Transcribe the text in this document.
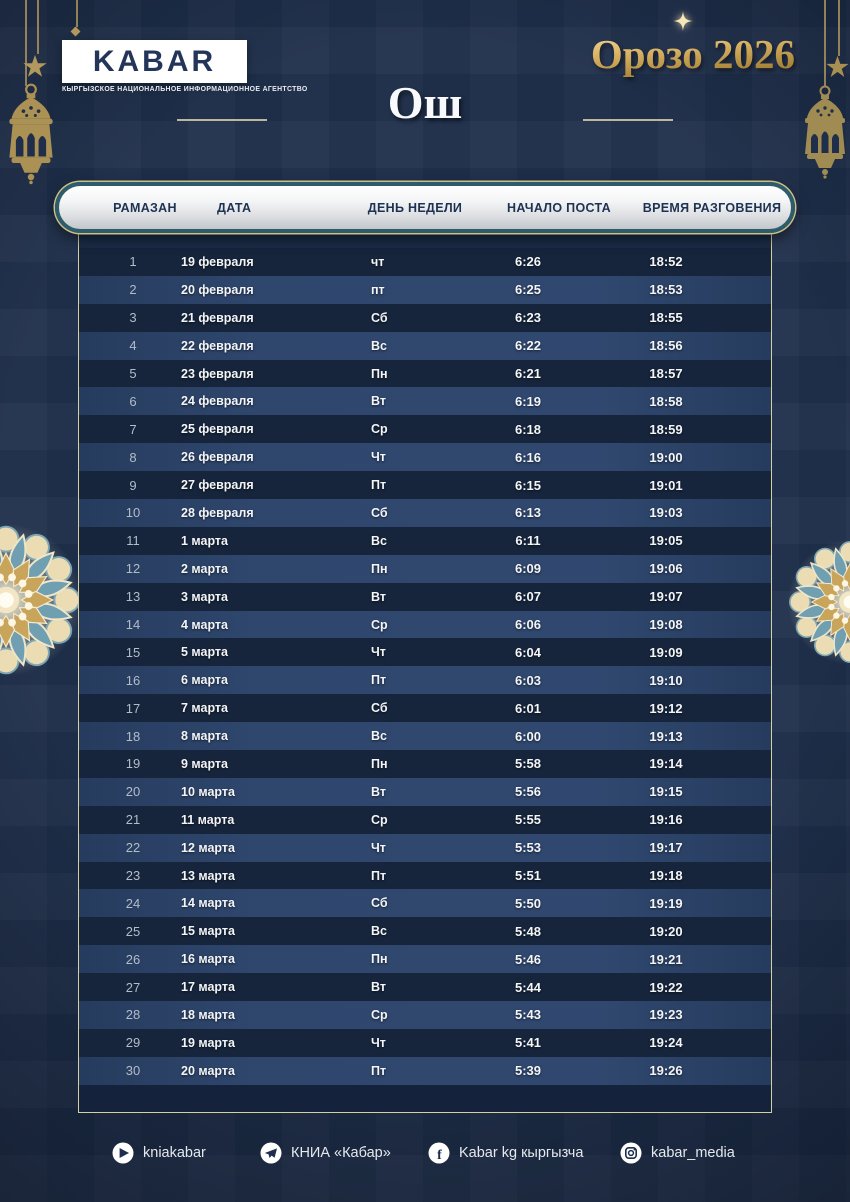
KABAR
КЫРГЫЗСКОЕ НАЦИОНАЛЬНОЕ ИНФОРМАЦИОННОЕ АГЕНТСТВО
Орозо 2026
Ош
1	19 февраля	чт	6:26	18:52
2	20 февраля	пт	6:25	18:53
3	21 февраля	Сб	6:23	18:55
4	22 февраля	Вс	6:22	18:56
5	23 февраля	Пн	6:21	18:57
6	24 февраля	Вт	6:19	18:58
7	25 февраля	Ср	6:18	18:59
8	26 февраля	Чт	6:16	19:00
9	27 февраля	Пт	6:15	19:01
10	28 февраля	Сб	6:13	19:03
11	1 марта	Вс	6:11	19:05
12	2 марта	Пн	6:09	19:06
13	3 марта	Вт	6:07	19:07
14	4 марта	Ср	6:06	19:08
15	5 марта	Чт	6:04	19:09
16	6 марта	Пт	6:03	19:10
17	7 марта	Сб	6:01	19:12
18	8 марта	Вс	6:00	19:13
19	9 марта	Пн	5:58	19:14
20	10 марта	Вт	5:56	19:15
21	11 марта	Ср	5:55	19:16
22	12 марта	Чт	5:53	19:17
23	13 марта	Пт	5:51	19:18
24	14 марта	Сб	5:50	19:19
25	15 марта	Вс	5:48	19:20
26	16 марта	Пн	5:46	19:21
27	17 марта	Вт	5:44	19:22
28	18 марта	Ср	5:43	19:23
29	19 марта	Чт	5:41	19:24
30	20 марта	Пт	5:39	19:26
РАМАЗАН	ДАТА	ДЕНЬ НЕДЕЛИ	НАЧАЛО ПОСТА	ВРЕМЯ РАЗГОВЕНИЯ
kniakabar	КНИА «Кабар»	f Kabar kg кыргызча	kabar_media
